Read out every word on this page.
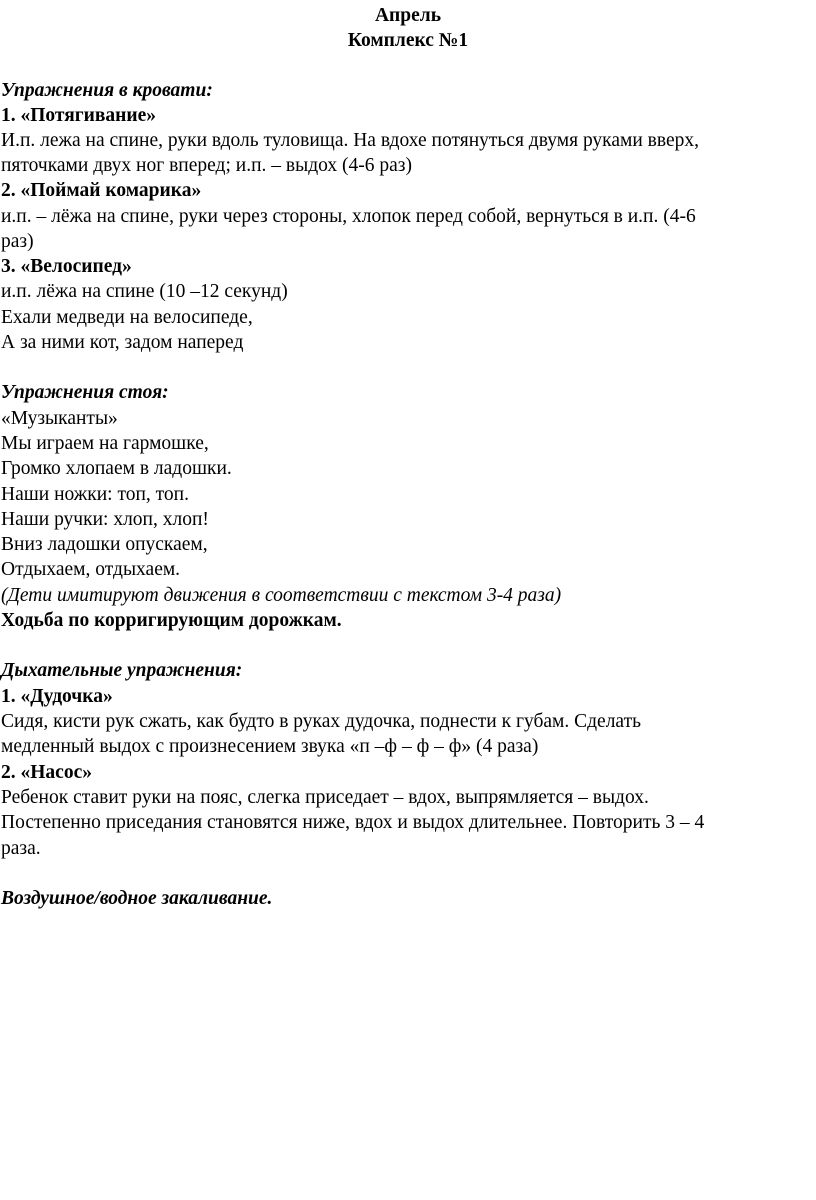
Апрель
Комплекс №1
Упражнения в кровати:
1. «Потягивание»
И.п. лежа на спине, руки вдоль туловища. На вдохе потянуться двумя руками вверх,
пяточками двух ног вперед; и.п. – выдох (4-6 раз)
2. «Поймай комарика»
и.п. – лёжа на спине, руки через стороны, хлопок перед собой, вернуться в и.п. (4-6
раз)
3. «Велосипед»
и.п. лёжа на спине (10 –12 секунд)
Ехали медведи на велосипеде,
А за ними кот, задом наперед
Упражнения стоя:
«Музыканты»
Мы играем на гармошке,
Громко хлопаем в ладошки.
Наши ножки: топ, топ.
Наши ручки: хлоп, хлоп!
Вниз ладошки опускаем,
Отдыхаем, отдыхаем.
(Дети имитируют движения в соответствии с текстом 3-4 раза)
Ходьба по корригирующим дорожкам.
Дыхательные упражнения:
1. «Дудочка»
Сидя, кисти рук сжать, как будто в руках дудочка, поднести к губам. Сделать
медленный выдох с произнесением звука «п –ф – ф – ф» (4 раза)
2. «Насос»
Ребенок ставит руки на пояс, слегка приседает – вдох, выпрямляется – выдох.
Постепенно приседания становятся ниже, вдох и выдох длительнее. Повторить 3 – 4
раза.
Воздушное/водное закаливание.
